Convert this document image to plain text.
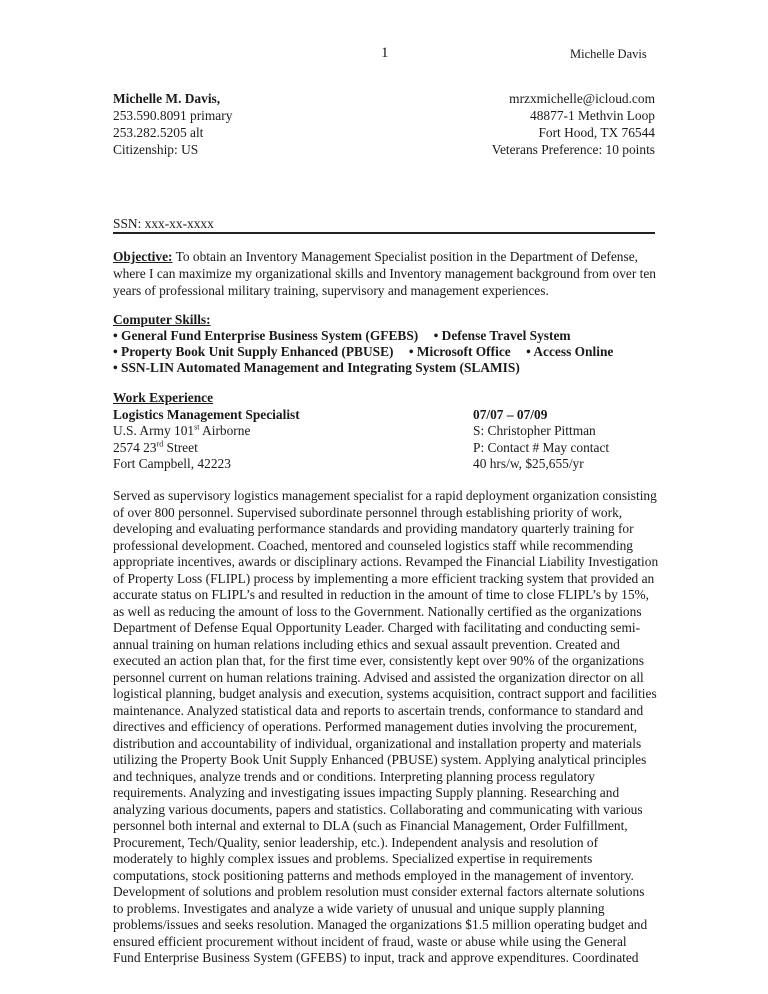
1	Michelle Davis
Michelle M. Davis,
253.590.8091 primary
253.282.5205 alt
Citizenship: US
mrzxmichelle@icloud.com
48877-1 Methvin Loop
Fort Hood, TX 76544
Veterans Preference: 10 points
SSN: xxx-xx-xxxx
Objective: To obtain an Inventory Management Specialist position in the Department of Defense, where I can maximize my organizational skills and Inventory management background from over ten years of professional military training, supervisory and management experiences.
Computer Skills:
• General Fund Enterprise Business System (GFEBS) • Defense Travel System
• Property Book Unit Supply Enhanced (PBUSE) • Microsoft Office • Access Online
• SSN-LIN Automated Management and Integrating System (SLAMIS)
Work Experience
Logistics Management Specialist	07/07 – 07/09
U.S. Army 101st Airborne	S: Christopher Pittman
2574 23rd Street	P: Contact # May contact
Fort Campbell, 42223	40 hrs/w, $25,655/yr
Served as supervisory logistics management specialist for a rapid deployment organization consisting
of over 800 personnel. Supervised subordinate personnel through establishing priority of work,
developing and evaluating performance standards and providing mandatory quarterly training for
professional development. Coached, mentored and counseled logistics staff while recommending
appropriate incentives, awards or disciplinary actions. Revamped the Financial Liability Investigation
of Property Loss (FLIPL) process by implementing a more efficient tracking system that provided an
accurate status on FLIPL’s and resulted in reduction in the amount of time to close FLIPL’s by 15%,
as well as reducing the amount of loss to the Government. Nationally certified as the organizations
Department of Defense Equal Opportunity Leader. Charged with facilitating and conducting semi-
annual training on human relations including ethics and sexual assault prevention. Created and
executed an action plan that, for the first time ever, consistently kept over 90% of the organizations
personnel current on human relations training. Advised and assisted the organization director on all
logistical planning, budget analysis and execution, systems acquisition, contract support and facilities
maintenance. Analyzed statistical data and reports to ascertain trends, conformance to standard and
directives and efficiency of operations. Performed management duties involving the procurement,
distribution and accountability of individual, organizational and installation property and materials
utilizing the Property Book Unit Supply Enhanced (PBUSE) system. Applying analytical principles
and techniques, analyze trends and or conditions. Interpreting planning process regulatory
requirements. Analyzing and investigating issues impacting Supply planning. Researching and
analyzing various documents, papers and statistics. Collaborating and communicating with various
personnel both internal and external to DLA (such as Financial Management, Order Fulfillment,
Procurement, Tech/Quality, senior leadership, etc.). Independent analysis and resolution of
moderately to highly complex issues and problems. Specialized expertise in requirements
computations, stock positioning patterns and methods employed in the management of inventory.
Development of solutions and problem resolution must consider external factors alternate solutions
to problems. Investigates and analyze a wide variety of unusual and unique supply planning
problems/issues and seeks resolution. Managed the organizations $1.5 million operating budget and
ensured efficient procurement without incident of fraud, waste or abuse while using the General
Fund Enterprise Business System (GFEBS) to input, track and approve expenditures. Coordinated
